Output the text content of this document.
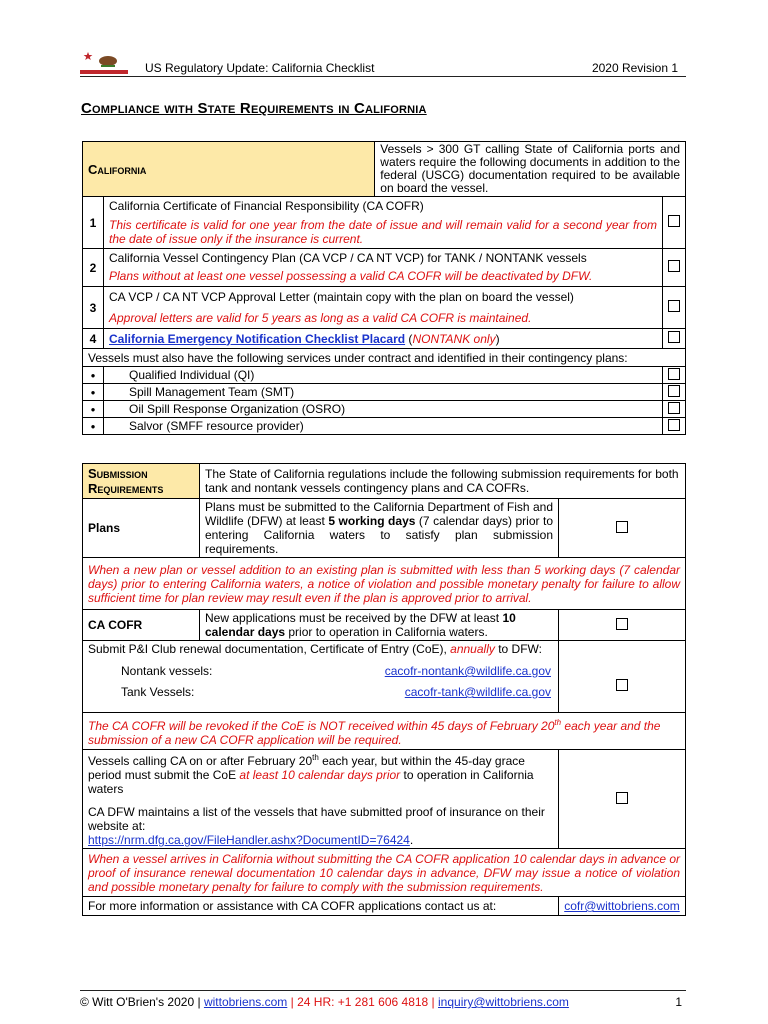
US Regulatory Update: California Checklist	2020 Revision 1
Compliance with State Requirements in California
California		Vessels > 300 GT calling State of California ports and waters require the following documents in addition to the federal (USCG) documentation required to be available on board the vessel.	
1	California Certificate of Financial Responsibility (CA COFR)
This certificate is valid for one year from the date of issue and will remain valid for a second year from the date of issue only if the insurance is current.		

2	California Vessel Contingency Plan (CA VCP / CA NT VCP) for TANK / NONTANK vessels
Plans without at least one vessel possessing a valid CA COFR will be deactivated by DFW.		

3	CA VCP / CA NT VCP Approval Letter (maintain copy with the plan on board the vessel)
Approval letters are valid for 5 years as long as a valid CA COFR is maintained.		

4	California Emergency Notification Checklist Placard (NONTANK only)		
Vessels must also have the following services under contract and identified in their contingency plans:			
●	Qualified Individual (QI)		
●	Spill Management Team (SMT)		
●	Oil Spill Response Organization (OSRO)		
●	Salvor (SMFF resource provider)		
Submission Requirements	The State of California regulations include the following submission requirements for both tank and nontank vessels contingency plans and CA COFRs.	
Plans	Plans must be submitted to the California Department of Fish and Wildlife (DFW) at least 5 working days (7 calendar days) prior to entering California waters to satisfy plan submission requirements.	
When a new plan or vessel addition to an existing plan is submitted with less than 5 working days (7 calendar days) prior to entering California waters, a notice of violation and possible monetary penalty for failure to allow sufficient time for plan review may result even if the plan is approved prior to arrival.		
CA COFR	New applications must be received by the DFW at least 10 calendar days prior to operation in California waters.	

Submit P&I Club renewal documentation, Certificate of Entry (CoE), annually to DFW:
Nontank vessels: cacofr-nontank@wildlife.ca.gov
Tank Vessels: cacofr-tank@wildlife.ca.gov		

The CA COFR will be revoked if the CoE is NOT received within 45 days of February 20th each year and the submission of a new CA COFR application will be required.		

Vessels calling CA on or after February 20th each year, but within the 45-day grace period must submit the CoE at least 10 calendar days prior to operation in California waters
CA DFW maintains a list of the vessels that have submitted proof of insurance on their website at:
https://nrm.dfg.ca.gov/FileHandler.ashx?DocumentID=76424.		

When a vessel arrives in California without submitting the CA COFR application 10 calendar days in advance or proof of insurance renewal documentation 10 calendar days in advance, DFW may issue a notice of violation and possible monetary penalty for failure to comply with the submission requirements.		
For more information or assistance with CA COFR applications contact us at:		cofr@wittobriens.com
© Witt O'Brien's 2020 | wittobriens.com | 24 HR: +1 281 606 4818 | inquiry@wittobriens.com	1
